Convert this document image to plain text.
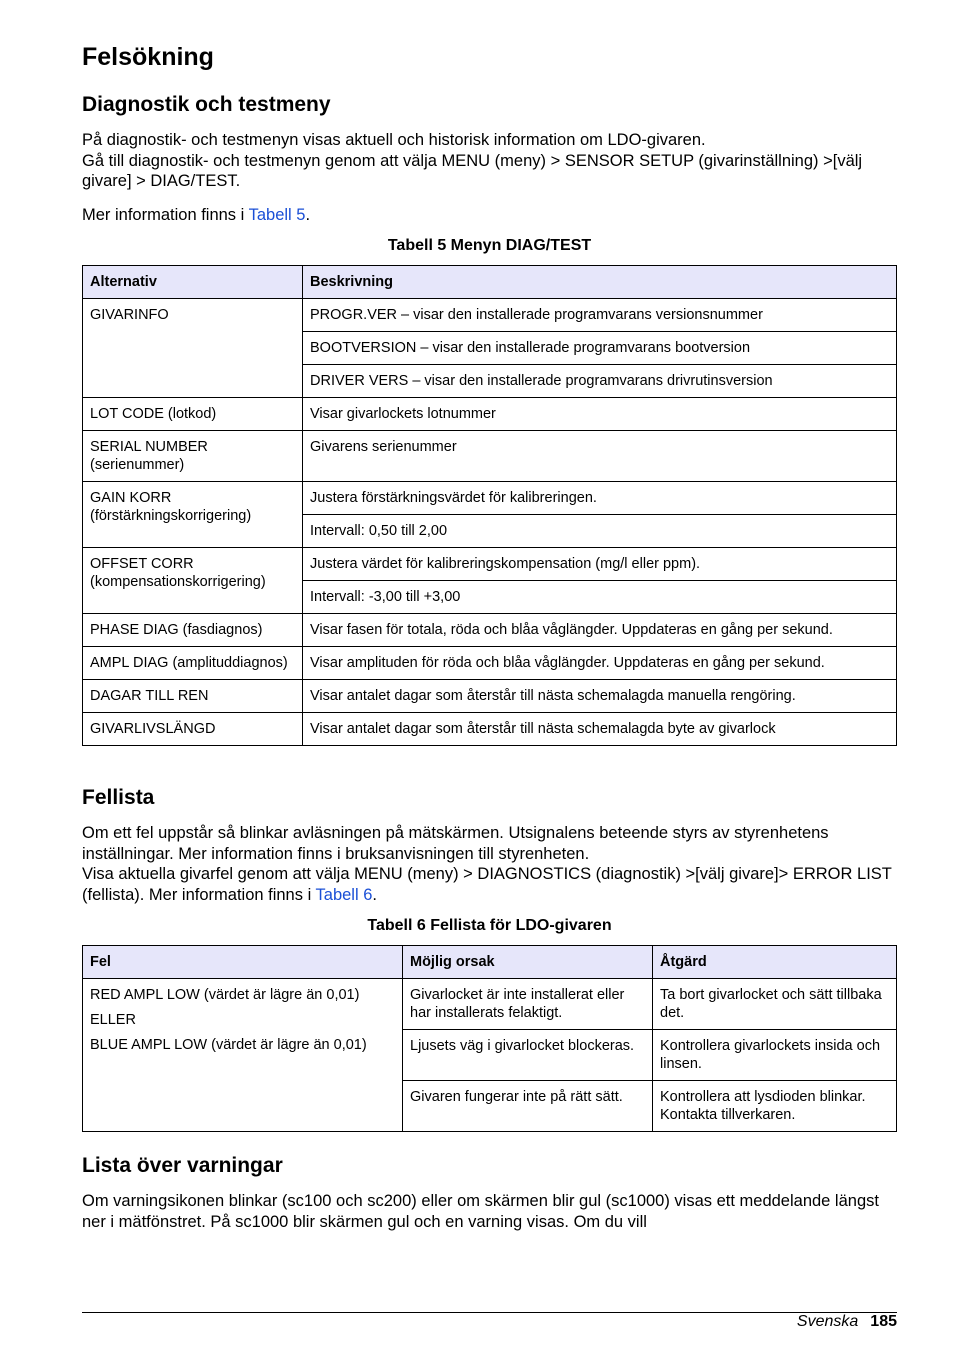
Felsökning
Diagnostik och testmeny

På diagnostik- och testmenyn visas aktuell och historisk information om LDO-givaren.
Gå till diagnostik- och testmenyn genom att välja MENU (meny) > SENSOR SETUP (givarinställning) >[välj givare] > DIAG/TEST.

Mer information finns i Tabell 5.

Tabell 5 Menyn DIAG/TEST

Alternativ	Beskrivning
GIVARINFO	PROGR.VER – visar den installerade programvarans versionsnummer
	BOOTVERSION – visar den installerade programvarans bootversion
	DRIVER VERS – visar den installerade programvarans drivrutinsversion
LOT CODE (lotkod)	Visar givarlockets lotnummer
SERIAL NUMBER (serienummer)	Givarens serienummer
GAIN KORR (förstärkningskorrigering)	Justera förstärkningsvärdet för kalibreringen.
	Intervall: 0,50 till 2,00
OFFSET CORR (kompensationskorrigering)	Justera värdet för kalibreringskompensation (mg/l eller ppm).
	Intervall: -3,00 till +3,00
PHASE DIAG (fasdiagnos)	Visar fasen för totala, röda och blåa våglängder. Uppdateras en gång per sekund.
AMPL DIAG (amplituddiagnos)	Visar amplituden för röda och blåa våglängder. Uppdateras en gång per sekund.
DAGAR TILL REN	Visar antalet dagar som återstår till nästa schemalagda manuella rengöring.
GIVARLIVSLÄNGD	Visar antalet dagar som återstår till nästa schemalagda byte av givarlock
Fellista

Om ett fel uppstår så blinkar avläsningen på mätskärmen. Utsignalens beteende styrs av styrenhetens inställningar. Mer information finns i bruksanvisningen till styrenheten.
Visa aktuella givarfel genom att välja MENU (meny) > DIAGNOSTICS (diagnostik) >[välj givare]> ERROR LIST (fellista). Mer information finns i Tabell 6.

Tabell 6 Fellista för LDO-givaren

Fel	Möjlig orsak	Åtgärd

RED AMPL LOW (värdet är lägre än 0,01)
ELLER
BLUE AMPL LOW (värdet är lägre än 0,01)	Givarlocket är inte installerat eller har installerats felaktigt.	Ta bort givarlocket och sätt tillbaka det.
	Ljusets väg i givarlocket blockeras.	Kontrollera givarlockets insida och linsen.
	Givaren fungerar inte på rätt sätt.	Kontrollera att lysdioden blinkar. Kontakta tillverkaren.
Lista över varningar

Om varningsikonen blinkar (sc100 och sc200) eller om skärmen blir gul (sc1000) visas ett meddelande längst ner i mätfönstret. På sc1000 blir skärmen gul och en varning visas. Om du vill

Svenska 185
